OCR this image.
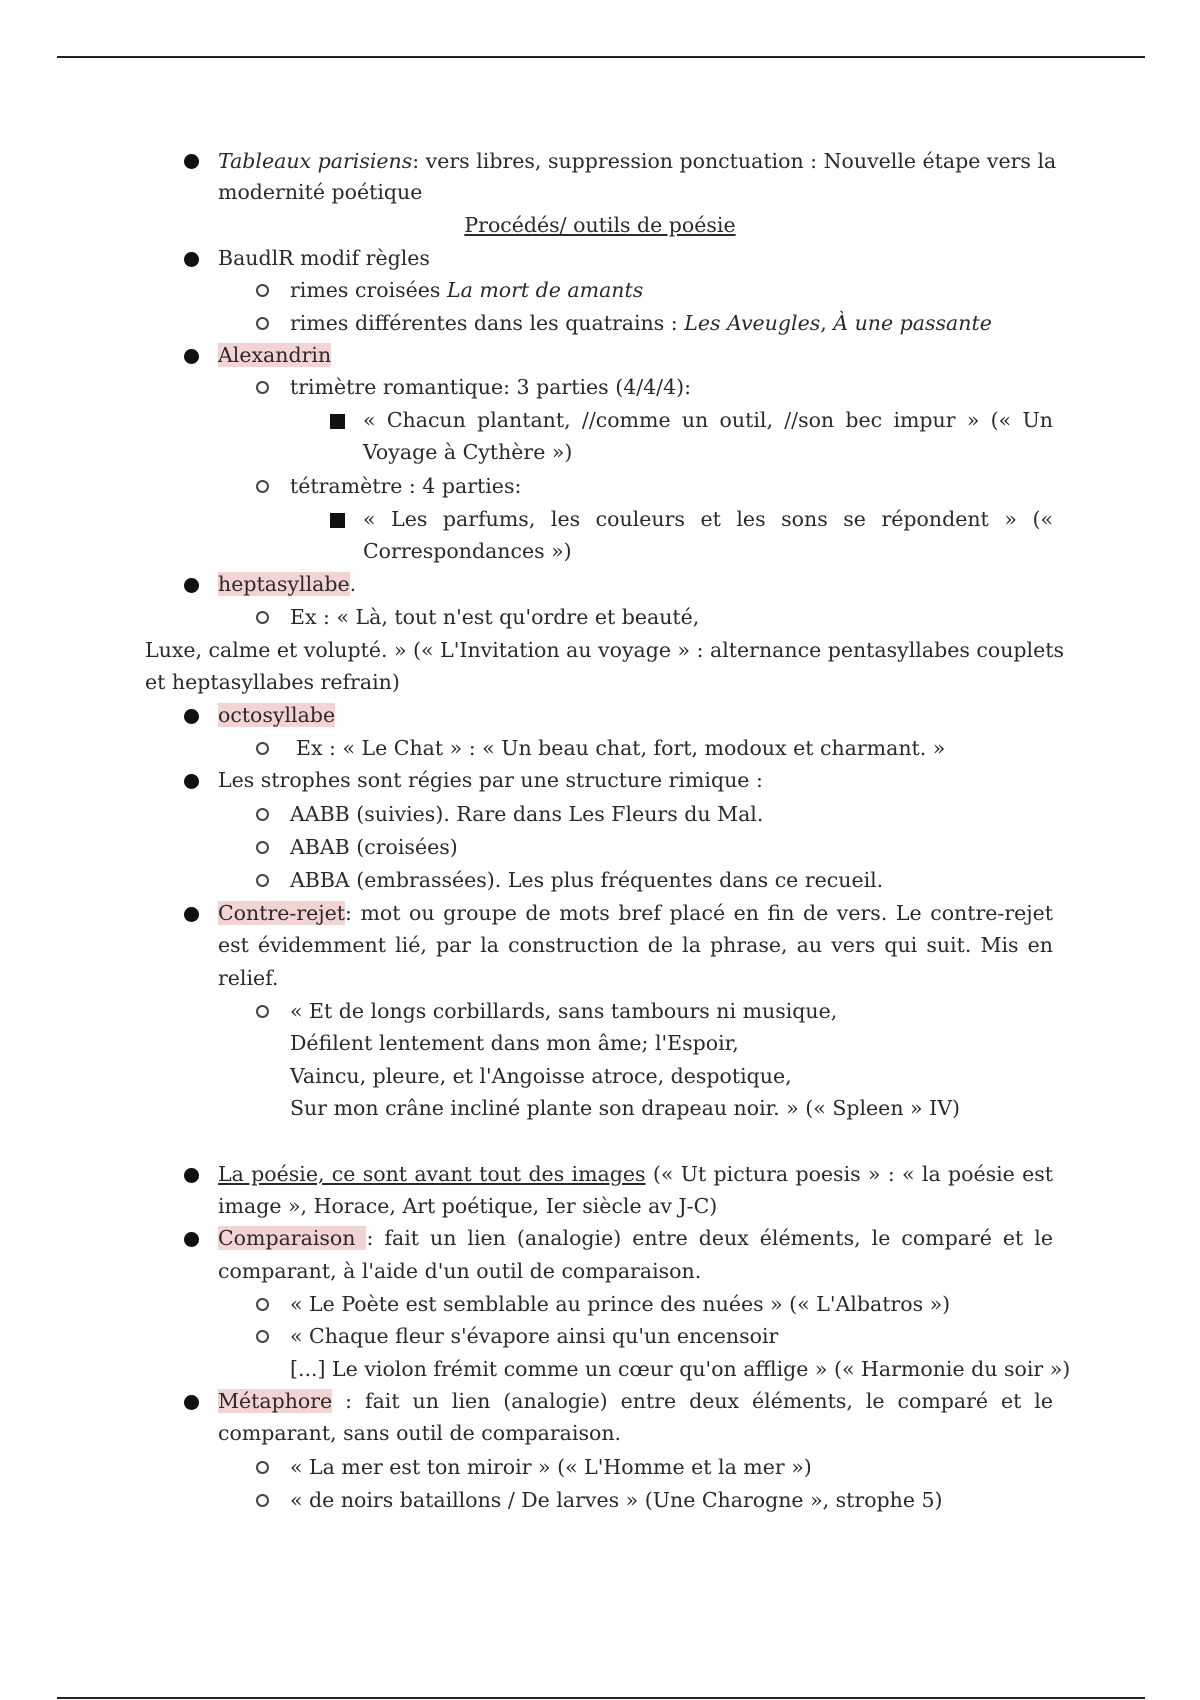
Tableaux parisiens: vers libres, suppression ponctuation : Nouvelle étape vers la
modernité poétique
Procédés/ outils de poésie
BaudlR modif règles
rimes croisées La mort de amants
rimes différentes dans les quatrains : Les Aveugles, À une passante
Alexandrin
trimètre romantique: 3 parties (4/4/4):
« Chacun plantant, //comme un outil, //son bec impur » (« Un
Voyage à Cythère »)
tétramètre : 4 parties:
« Les parfums, les couleurs et les sons se répondent » («
Correspondances »)
heptasyllabe.
Ex : « Là, tout n'est qu'ordre et beauté,
Luxe, calme et volupté. » (« L'Invitation au voyage » : alternance pentasyllabes couplets
et heptasyllabes refrain)
octosyllabe
Ex : « Le Chat » : « Un beau chat, fort, modoux et charmant. »
Les strophes sont régies par une structure rimique :
AABB (suivies). Rare dans Les Fleurs du Mal.
ABAB (croisées)
ABBA (embrassées). Les plus fréquentes dans ce recueil.
Contre-rejet: mot ou groupe de mots bref placé en fin de vers. Le contre-rejet
est évidemment lié, par la construction de la phrase, au vers qui suit. Mis en
relief.
« Et de longs corbillards, sans tambours ni musique,
Défilent lentement dans mon âme; l'Espoir,
Vaincu, pleure, et l'Angoisse atroce, despotique,
Sur mon crâne incliné plante son drapeau noir. » (« Spleen » IV)
La poésie, ce sont avant tout des images (« Ut pictura poesis » : « la poésie est
image », Horace, Art poétique, Ier siècle av J-C)
Comparaison : fait un lien (analogie) entre deux éléments, le comparé et le
comparant, à l'aide d'un outil de comparaison.
« Le Poète est semblable au prince des nuées » (« L'Albatros »)
« Chaque fleur s'évapore ainsi qu'un encensoir
[...] Le violon frémit comme un cœur qu'on afflige » (« Harmonie du soir »)
Métaphore : fait un lien (analogie) entre deux éléments, le comparé et le
comparant, sans outil de comparaison.
« La mer est ton miroir » (« L'Homme et la mer »)
« de noirs bataillons / De larves » (Une Charogne », strophe 5)
